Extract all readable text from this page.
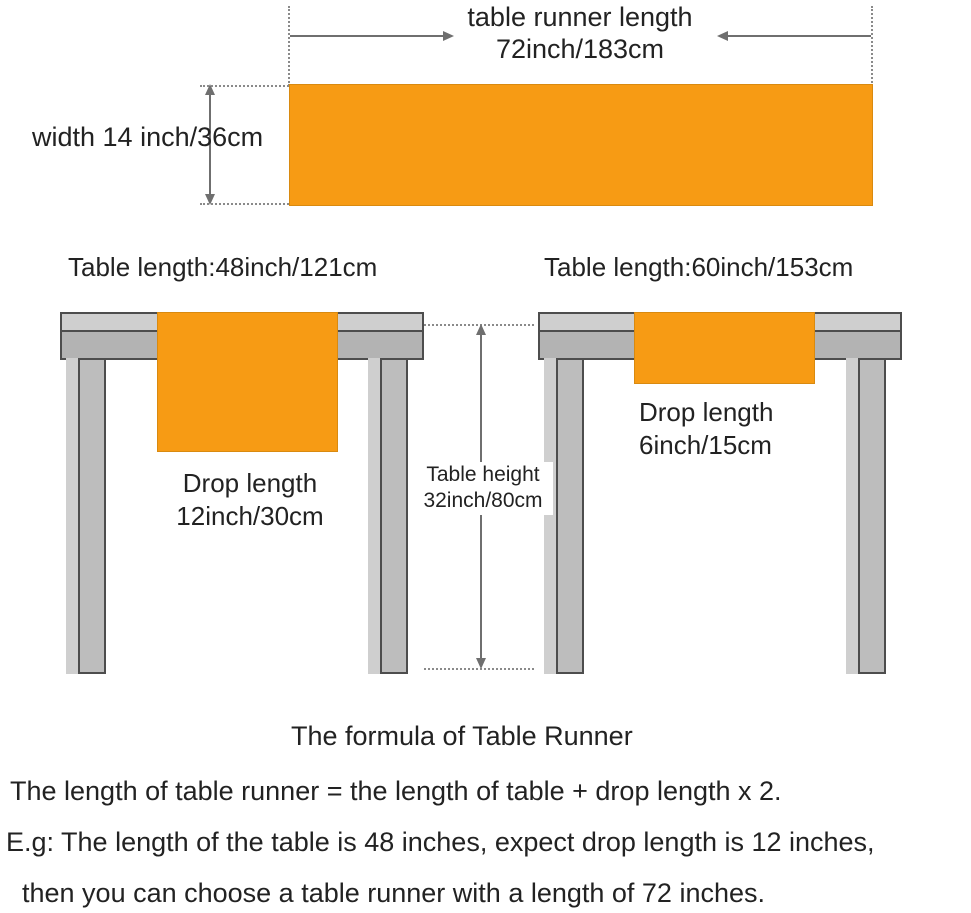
table runner length
72inch/183cm
width 14 inch/36cm
Table length:48inch/121cm
Drop length
12inch/30cm
Table length:60inch/153cm
Drop length
6inch/15cm
Table height
32inch/80cm
The formula of Table Runner
The length of table runner = the length of table + drop length x 2.
E.g: The length of the table is 48 inches, expect drop length is 12 inches,
then you can choose a table runner with a length of 72 inches.
